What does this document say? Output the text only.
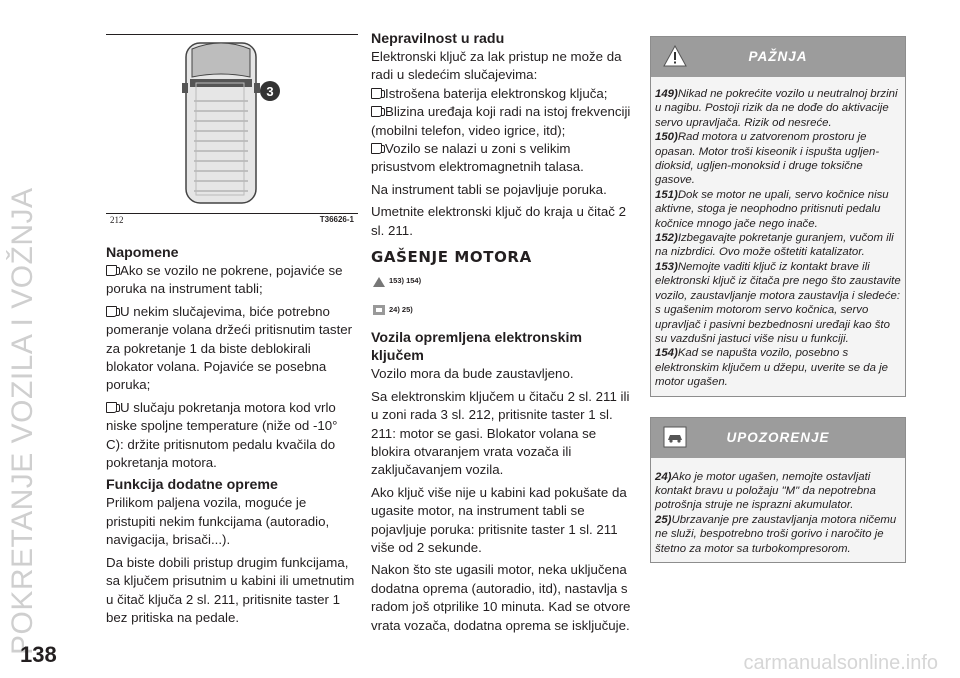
POKRETANJE VOZILA I VOŽNJA
138	carmanualsonline.info
3
212	T36626-1
Napomene

Ako se vozilo ne pokrene, pojaviće se poruka na instrument tabli;

U nekim slučajevima, biće potrebno pomeranje volana držeći pritisnutim taster za pokretanje 1 da biste deblokirali blokator volana. Pojaviće se posebna poruka;

U slučaju pokretanja motora kod vrlo niske spoljne temperature (niže od -10° C): držite pritisnutom pedalu kvačila do pokretanja motora.

Funkcija dodatne opreme

Prilikom paljena vozila, moguće je pristupiti nekim funkcijama (autoradio, navigacija, brisači...).

Da biste dobili pristup drugim funkcijama, sa ključem prisutnim u kabini ili umetnutim u čitač ključa 2 sl. 211, pritisnite taster 1 bez pritiska na pedale.

Nepravilnost u radu

Elektronski ključ za lak pristup ne može da radi u sledećim slučajevima:

Istrošena baterija elektronskog ključa;

Blizina uređaja koji radi na istoj frekvenciji (mobilni telefon, video igrice, itd);

Vozilo se nalazi u zoni s velikim prisustvom elektromagnetnih talasa.

Na instrument tabli se pojavljuje poruka.

Umetnite elektronski ključ do kraja u čitač 2 sl. 211.

GAŠENJE MOTORA
153) 154)
24) 25)
Vozila opremljena elektronskim ključem

Vozilo mora da bude zaustavljeno.

Sa elektronskim ključem u čitaču 2 sl. 211 ili u zoni rada 3 sl. 212, pritisnite taster 1 sl. 211: motor se gasi. Blokator volana se blokira otvaranjem vrata vozača ili zaključavanjem vozila.

Ako ključ više nije u kabini kad pokušate da ugasite motor, na instrument tabli se pojavljuje poruka: pritisnite taster 1 sl. 211 više od 2 sekunde.

Nakon što ste ugasili motor, neka uključena dodatna oprema (autoradio, itd), nastavlja s radom još otprilike 10 minuta. Kad se otvore vrata vozača, dodatna oprema se isključuje.

PAŽNJA
149)Nikad ne pokrećite vozilo u neutralnoj brzini u nagibu. Postoji rizik da ne dođe do aktivacije servo upravljača. Rizik od nesreće.
150)Rad motora u zatvorenom prostoru je opasan. Motor troši kiseonik i ispušta ugljen-dioksid, ugljen-monoksid i druge toksične gasove.
151)Dok se motor ne upali, servo kočnice nisu aktivne, stoga je neophodno pritisnuti pedalu kočnice mnogo jače nego inače.
152)Izbegavajte pokretanje guranjem, vučom ili na nizbrdici. Ovo može oštetiti katalizator.
153)Nemojte vaditi ključ iz kontakt brave ili elektronski ključ iz čitača pre nego što zaustavite vozilo, zaustavljanje motora zaustavlja i sledeće: s ugašenim motorom servo kočnica, servo upravljač i pasivni bezbednosni uređaji kao što su vazdušni jastuci više nisu u funkciji.
154)Kad se napušta vozilo, posebno s elektronskim ključem u džepu, uverite se da je motor ugašen.
UPOZORENJE
24)Ako je motor ugašen, nemojte ostavljati kontakt bravu u položaju "M" da nepotrebna potrošnja struje ne isprazni akumulator.
25)Ubrzavanje pre zaustavljanja motora ničemu ne služi, bespotrebno troši gorivo i naročito je štetno za motor sa turbokompresorom.
